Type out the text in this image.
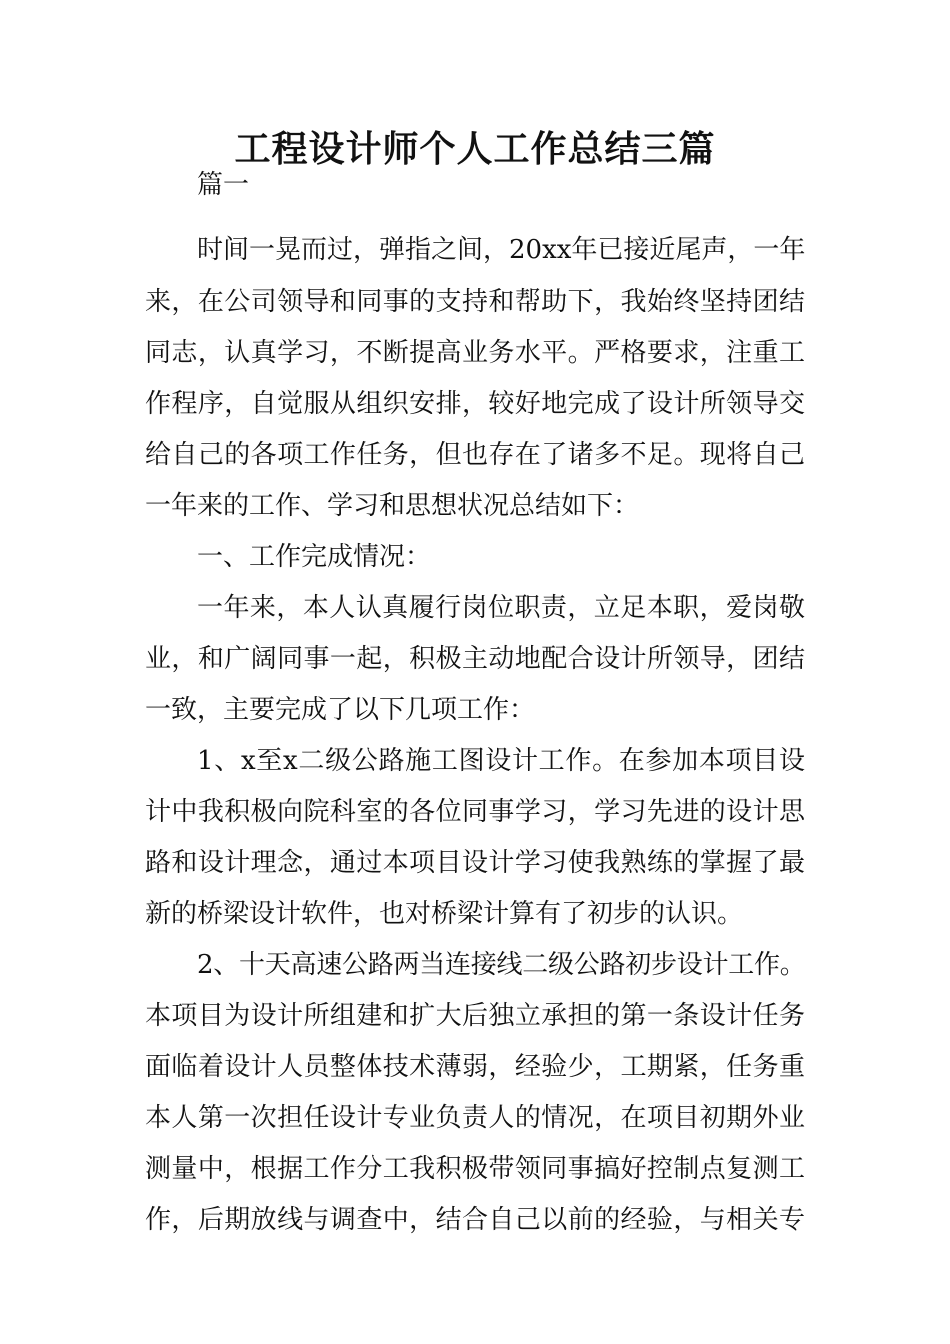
工程设计师个人工作总结三篇

篇一

时间一晃而过，弹指之间，20xx年已接近尾声，一年

来，在公司领导和同事的支持和帮助下，我始终坚持团结

同志，认真学习，不断提高业务水平。严格要求，注重工

作程序，自觉服从组织安排，较好地完成了设计所领导交

给自己的各项工作任务，但也存在了诸多不足。现将自己

一年来的工作、学习和思想状况总结如下：

一、工作完成情况：

一年来，本人认真履行岗位职责，立足本职，爱岗敬

业，和广阔同事一起，积极主动地配合设计所领导，团结

一致，主要完成了以下几项工作：

1、x至x二级公路施工图设计工作。在参加本项目设

计中我积极向院科室的各位同事学习，学习先进的设计思

路和设计理念，通过本项目设计学习使我熟练的掌握了最

新的桥梁设计软件，也对桥梁计算有了初步的认识。

2、十天高速公路两当连接线二级公路初步设计工作。

本项目为设计所组建和扩大后独立承担的第一条设计任务

面临着设计人员整体技术薄弱，经验少，工期紧，任务重

本人第一次担任设计专业负责人的情况，在项目初期外业

测量中，根据工作分工我积极带领同事搞好控制点复测工

作，后期放线与调查中，结合自己以前的经验，与相关专
